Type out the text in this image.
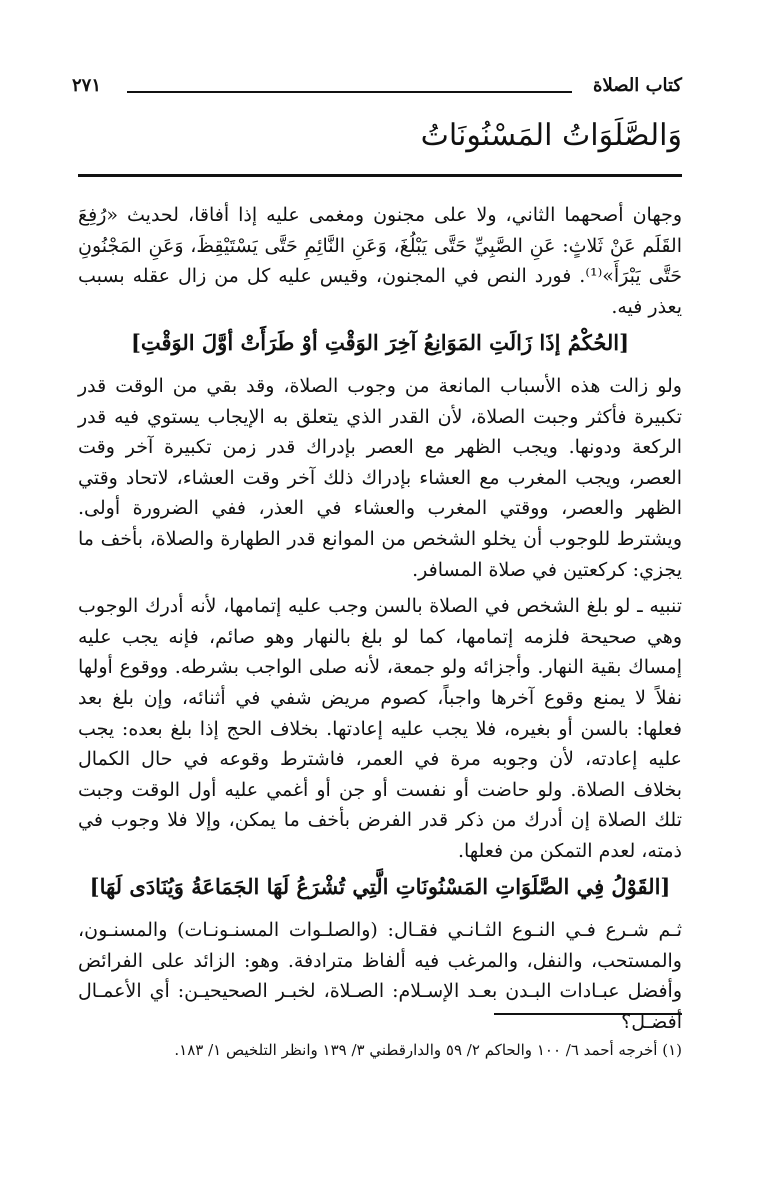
كتاب الصلاة
٢٧١
وَالصَّلَوَاتُ المَسْنُونَاتُ

وجهان أصحهما الثاني، ولا على مجنون ومغمى عليه إذا أفاقا، لحديث «رُفِعَ القَلَم عَنْ ثَلاثٍ: عَنِ الصَّبِيِّ حَتَّى يَبْلُغَ، وَعَنِ النَّائِمِ حَتَّى يَسْتَيْقِظَ، وَعَنِ المَجْنُونِ حَتَّى يَبْرَأَ»⁽¹⁾. فورد النص في المجنون، وقيس عليه كل من زال عقله بسبب يعذر فيه.

[الحُكْمُ إذَا زَالَتِ المَوَانِعُ آخِرَ الوَقْتِ أوْ طَرَأَتْ أوَّلَ الوَقْتِ]

ولو زالت هذه الأسباب المانعة من وجوب الصلاة، وقد بقي من الوقت قدر تكبيرة فأكثر وجبت الصلاة، لأن القدر الذي يتعلق به الإيجاب يستوي فيه قدر الركعة ودونها. ويجب الظهر مع العصر بإدراك قدر زمن تكبيرة آخر وقت العصر، ويجب المغرب مع العشاء بإدراك ذلك آخر وقت العشاء، لاتحاد وقتي الظهر والعصر، ووقتي المغرب والعشاء في العذر، ففي الضرورة أولى. ويشترط للوجوب أن يخلو الشخص من الموانع قدر الطهارة والصلاة، بأخف ما يجزي: كركعتين في صلاة المسافر.

تنبيه ـ لو بلغ الشخص في الصلاة بالسن وجب عليه إتمامها، لأنه أدرك الوجوب وهي صحيحة فلزمه إتمامها، كما لو بلغ بالنهار وهو صائم، فإنه يجب عليه إمساك بقية النهار. وأجزائه ولو جمعة، لأنه صلى الواجب بشرطه. ووقوع أولها نفلاً لا يمنع وقوع آخرها واجباً، كصوم مريض شفي في أثنائه، وإن بلغ بعد فعلها: بالسن أو بغيره، فلا يجب عليه إعادتها. بخلاف الحج إذا بلغ بعده: يجب عليه إعادته، لأن وجوبه مرة في العمر، فاشترط وقوعه في حال الكمال بخلاف الصلاة. ولو حاضت أو نفست أو جن أو أغمي عليه أول الوقت وجبت تلك الصلاة إن أدرك من ذكر قدر الفرض بأخف ما يمكن، وإلا فلا وجوب في ذمته، لعدم التمكن من فعلها.

[القَوْلُ فِي الصَّلَوَاتِ المَسْنُونَاتِ الَّتِي تُشْرَعُ لَهَا الجَمَاعَةُ وَيُنَادَى لَهَا]

ثـم شـرع فـي النـوع الثـانـي فقـال: (والصلـوات المسنـونـات) والمسنـون، والمستحب، والنفل، والمرغب فيه ألفاظ مترادفة. وهو: الزائد على الفرائض وأفضل عبـادات البـدن بعـد الإسـلام: الصـلاة، لخبـر الصحيحيـن: أي الأعمـال أفضـل؟

(١) أخرجه أحمد ٦/ ١٠٠ والحاكم ٢/ ٥٩ والدارقطني ٣/ ١٣٩ وانظر التلخيص ١/ ١٨٣.
